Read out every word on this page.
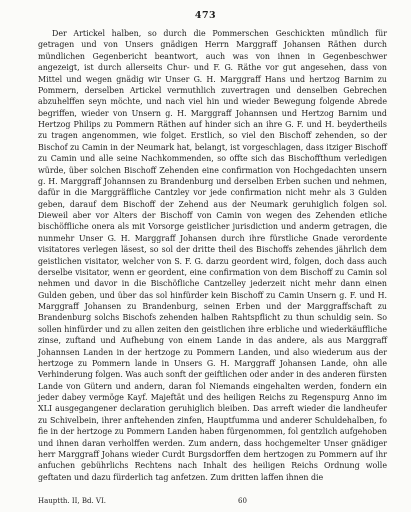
473

Der Artickel halben, so durch die Pommerschen Geschickten mündlich für getragen und von Unsers gnädigen Herrn Marggraff Johansen Räthen durch mündlichen Gegenbericht beantwort, auch was von ihnen in Gegenbeschwer angezeigt, ist durch allerseits Chur- und F. G. Räthe vor gut angesehen, dass von Mittel und wegen gnädig wir Unser G. H. Marggraff Hans und hertzog Barnim zu Pommern, derselben Artickel vermuthlich zuvertragen und denselben Gebrechen abzuhelffen seyn möchte, und nach viel hin und wieder Bewegung folgende Abrede begriffen, wieder von Unsern g. H. Marggraff Johannsen und Hertzog Barnim und Hertzog Philips zu Pommern Räthen auf hinder sich an ihre G. F. und H. beydertheils zu tragen angenommen, wie folget. Erstlich, so viel den Bischoff zehenden, so der Bischof zu Camin in der Neumark hat, belangt, ist vorgeschlagen, dass itziger Bischoff zu Camin und alle seine Nachkommenden, so offte sich das Bischoffthum verledigen würde, über solchen Bischoff Zehenden eine confirmation von Hochgedachten unsern g. H. Marggraff Johannsen zu Brandenburg und derselben Erben suchen und nehmen, dafür in die Marggräffliche Cantzley vor jede confirmation nicht mehr als 3 Gulden geben, darauf dem Bischoff der Zehend aus der Neumark geruhiglich folgen sol. Dieweil aber vor Alters der Bischoff von Camin von wegen des Zehenden etliche bischöffliche onera als mit Vorsorge geistlicher jurisdiction und anderm getragen, die nunmehr Unser G. H. Marggraff Johansen durch ihre fürstliche Gnade verordente visitatores verlegen läsest, so sol der dritte theil des Bischoffs zehendes jährlich dem geistlichen visitator, welcher von S. F. G. darzu geordent wird, folgen, doch dass auch derselbe visitator, wenn er geordent, eine confirmation von dem Bischoff zu Camin sol nehmen und davor in die Bischöfliche Cantzelley jederzeit nicht mehr dann einen Gulden geben, und über das sol hinfürder kein Bischoff zu Camin Unsern g. F. und H. Marggraff Johansen zu Brandenburg, seinen Erben und der Marggraffschaft zu Brandenburg solchs Bischofs zehenden halben Rahtspflicht zu thun schuldig sein. So sollen hinfürder und zu allen zeiten den geistlichen ihre erbliche und wiederkäuffliche zinse, zuftand und Aufhebung von einem Lande in das andere, als aus Marggraff Johannsen Landen in der hertzoge zu Pommern Landen, und also wiederum aus der hertzoge zu Pommern lande in Unsers G. H. Marggraff Johansen Lande, ohn alle Verhinderung folgen. Was auch sonft der geiftlichen oder ander in des anderen fürsten Lande von Gütern und andern, daran fol Niemands eingehalten werden, fondern ein jeder dabey vermöge Kayf. Majeftät und des heiligen Reichs zu Regenspurg Anno im XLI ausgegangener declaration geruhiglich bleiben. Das arreft wieder die landheufer zu Schivelbein, ihrer anftehenden zinfen, Hauptfumma und anderer Schuldehalben, fo fie in der hertzoge zu Pommern Landen haben fürgenommen, fol gentzlich aufgehoben und ihnen daran verholffen werden. Zum andern, dass hochgemelter Unser gnädiger herr Marggraff Johans wieder Curdt Burgsdorffen dem hertzogen zu Pommern auf ihr anfuchen gebührlichs Rechtens nach Inhalt des heiligen Reichs Ordnung wolle geftaten und dazu fürderlich tag anfetzen. Zum dritten laffen ihnen die

Hauptth. II, Bd. VI.	60
